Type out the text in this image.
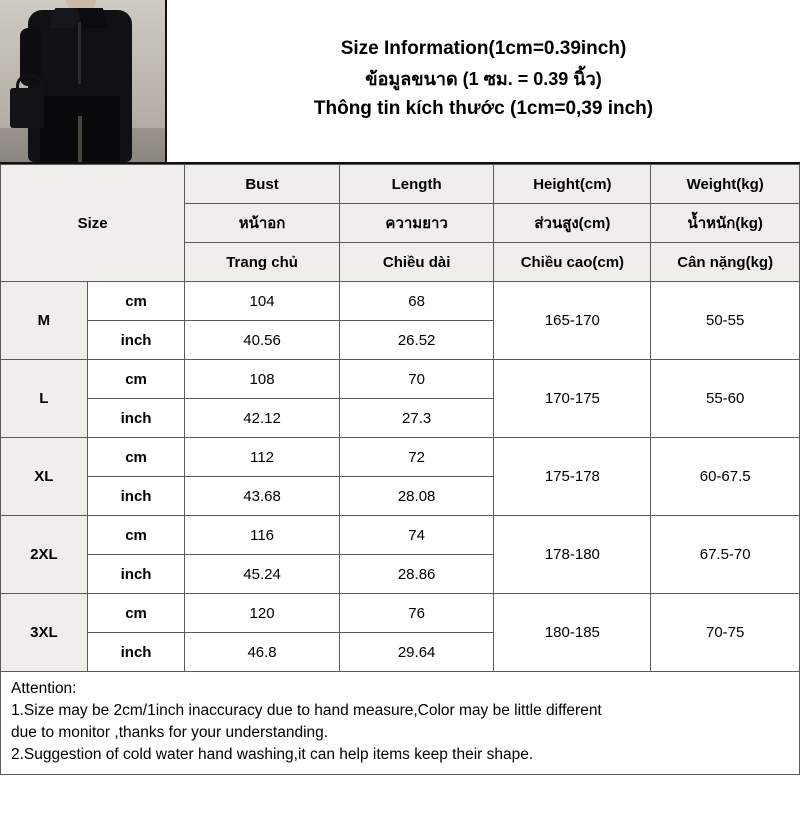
Size Information(1cm=0.39inch)
ข้อมูลขนาด (1 ซม. = 0.39 นิ้ว)
Thông tin kích thước (1cm=0,39 inch)
Size		Bust	Length	Height(cm)	Weight(kg)
		หน้าอก	ความยาว	ส่วนสูง(cm)	น้ำหนัก(kg)
		Trang chủ	Chiều dài	Chiều cao(cm)	Cân nặng(kg)
M	cm	104	68	165-170	50-55
	inch	40.56	26.52		
L	cm	108	70	170-175	55-60
	inch	42.12	27.3		
XL	cm	112	72	175-178	60-67.5
	inch	43.68	28.08		
2XL	cm	116	74	178-180	67.5-70
	inch	45.24	28.86		
3XL	cm	120	76	180-185	70-75
	inch	46.8	29.64		

Attention:

1.Size may be 2cm/1inch inaccuracy due to hand measure,Color may be little different

due to monitor ,thanks for your understanding.

2.Suggestion of cold water hand washing,it can help items keep their shape.
